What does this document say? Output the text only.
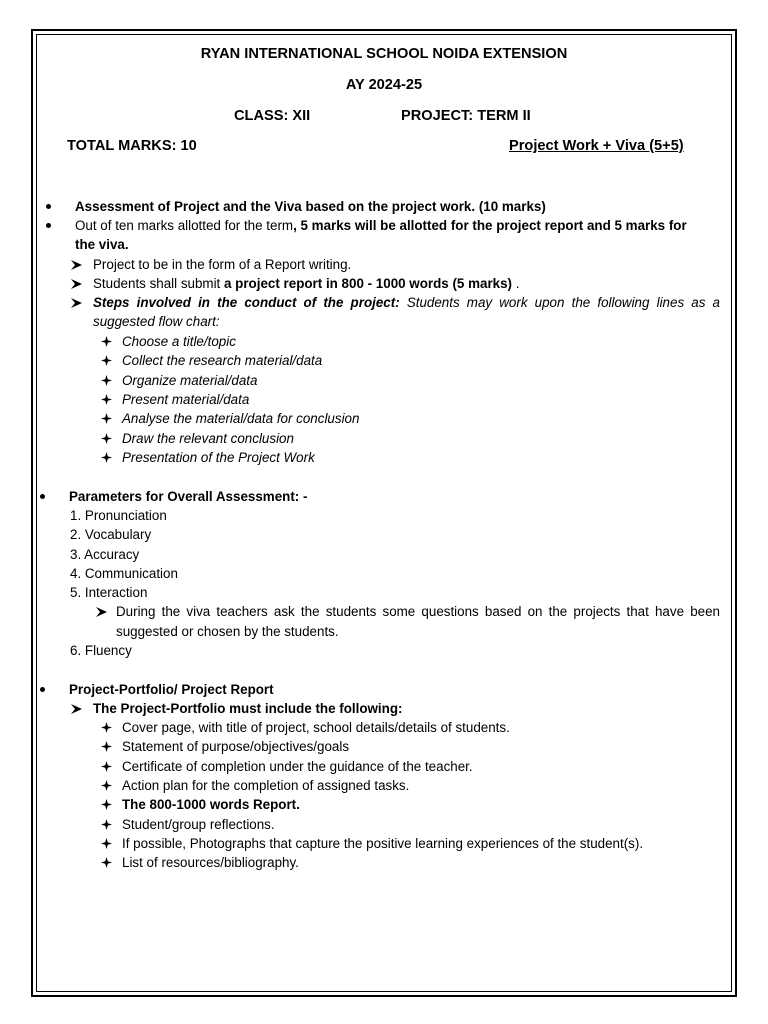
RYAN INTERNATIONAL SCHOOL NOIDA EXTENSION
AY 2024-25
CLASS: XII	PROJECT: TERM II
TOTAL MARKS: 10	Project Work + Viva (5+5)
Assessment of Project and the Viva based on the project work. (10 marks)
Out of ten marks allotted for the term, 5 marks will be allotted for the project report and 5 marks for
the viva.
Project to be in the form of a Report writing.
Students shall submit a project report in 800 - 1000 words (5 marks) .
Steps involved in the conduct of the project: Students may work upon the following lines as a
suggested flow chart:
Choose a title/topic
Collect the research material/data
Organize material/data
Present material/data
Analyse the material/data for conclusion
Draw the relevant conclusion
Presentation of the Project Work
Parameters for Overall Assessment: -
1. Pronunciation
2. Vocabulary
3. Accuracy
4. Communication
5. Interaction
During the viva teachers ask the students some questions based on the projects that have been
suggested or chosen by the students.
6. Fluency
Project-Portfolio/ Project Report
The Project-Portfolio must include the following:
Cover page, with title of project, school details/details of students.
Statement of purpose/objectives/goals
Certificate of completion under the guidance of the teacher.
Action plan for the completion of assigned tasks.
The 800-1000 words Report.
Student/group reflections.
If possible, Photographs that capture the positive learning experiences of the student(s).
List of resources/bibliography.
